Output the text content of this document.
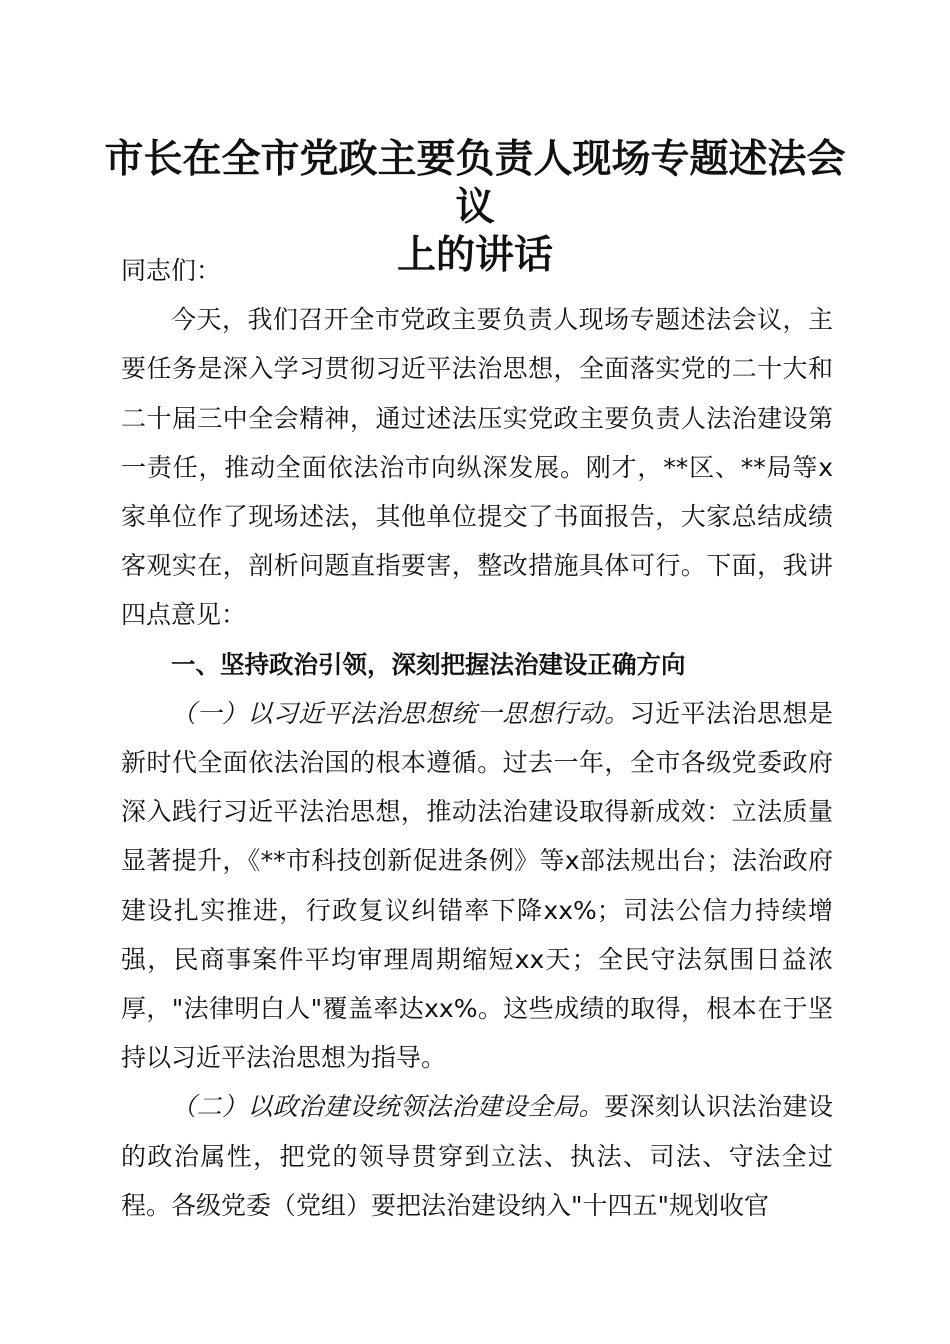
市长在全市党政主要负责人现场专题述法会议
上的讲话

同志们：

今天，我们召开全市党政主要负责人现场专题述法会议，主要任务是深入学习贯彻习近平法治思想，全面落实党的二十大和二十届三中全会精神，通过述法压实党政主要负责人法治建设第一责任，推动全面依法治市向纵深发展。刚才，**区、**局等x家单位作了现场述法，其他单位提交了书面报告，大家总结成绩客观实在，剖析问题直指要害，整改措施具体可行。下面，我讲四点意见：

一、坚持政治引领，深刻把握法治建设正确方向

（一）以习近平法治思想统一思想行动。习近平法治思想是新时代全面依法治国的根本遵循。过去一年，全市各级党委政府深入践行习近平法治思想，推动法治建设取得新成效：立法质量显著提升，《**市科技创新促进条例》等x部法规出台；法治政府建设扎实推进，行政复议纠错率下降xx%；司法公信力持续增强，民商事案件平均审理周期缩短xx天；全民守法氛围日益浓厚，"法律明白人"覆盖率达xx%。这些成绩的取得，根本在于坚持以习近平法治思想为指导。

（二）以政治建设统领法治建设全局。要深刻认识法治建设的政治属性，把党的领导贯穿到立法、执法、司法、守法全过程。各级党委（党组）要把法治建设纳入"十四五"规划收官
